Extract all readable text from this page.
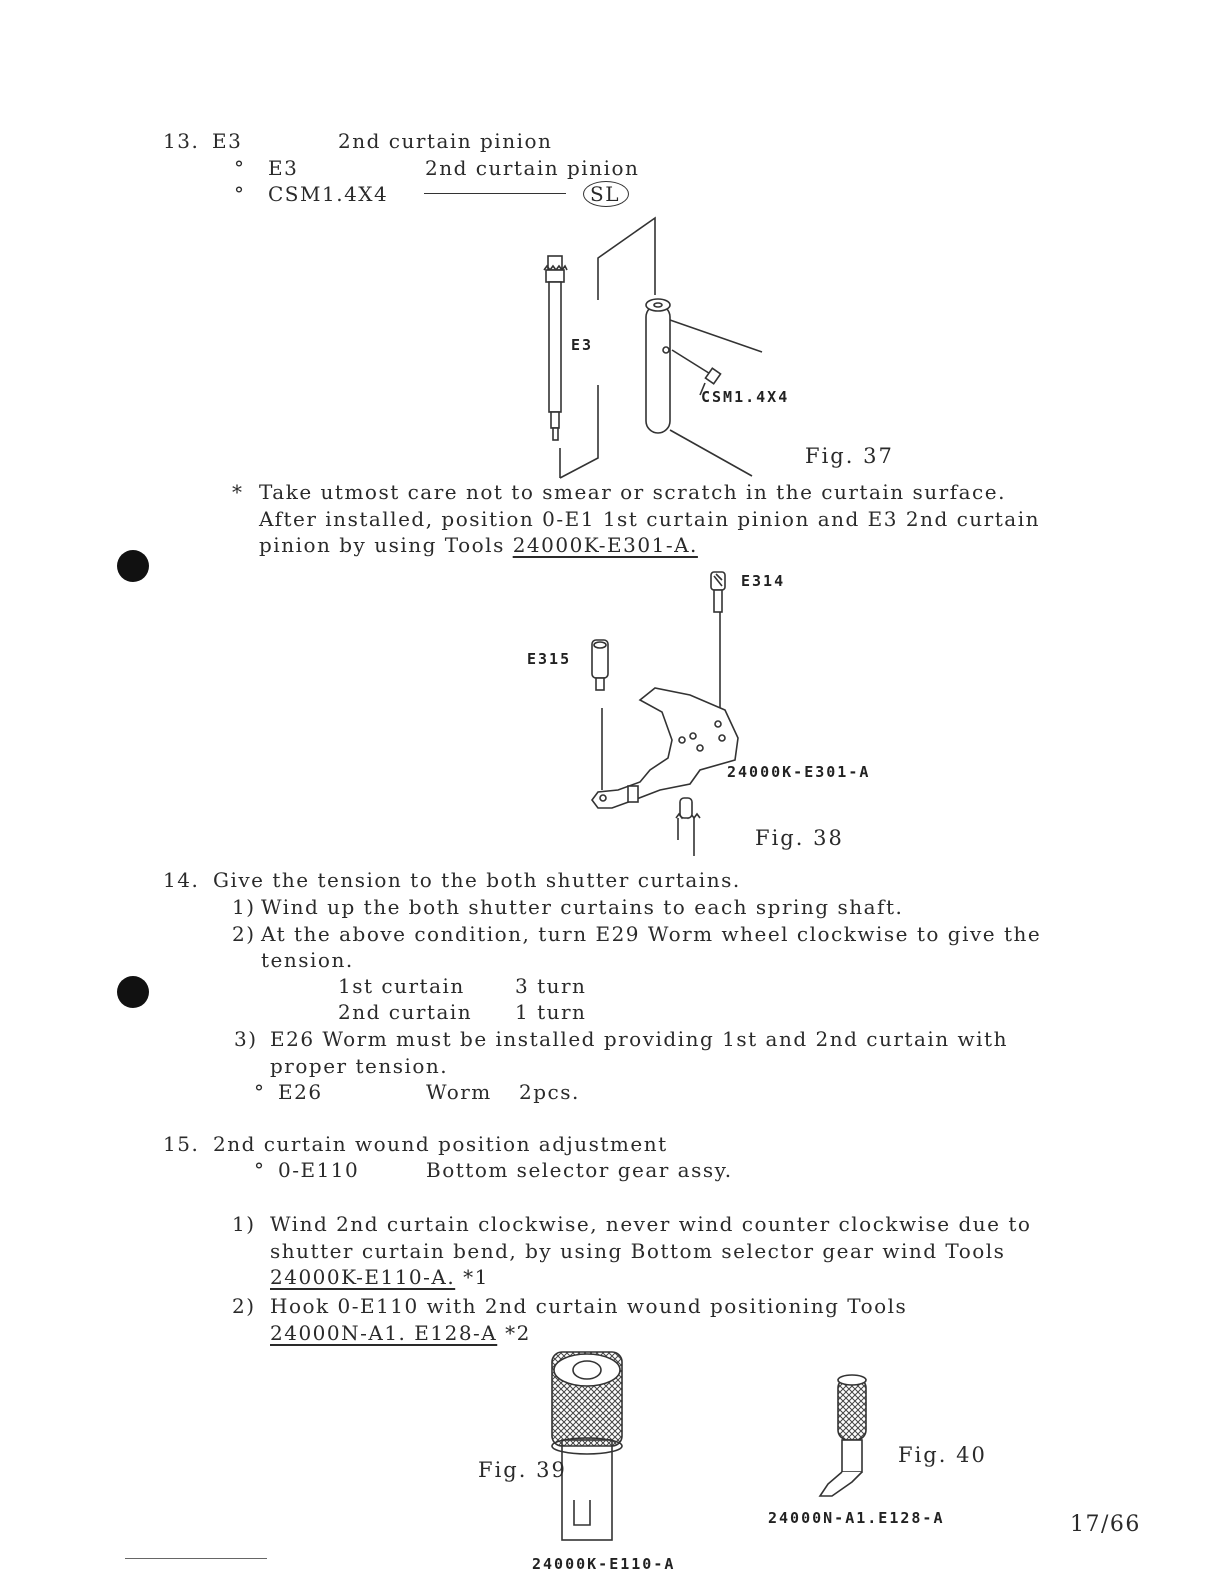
13. E3	2nd curtain pinion
° E3	2nd curtain pinion
° CSM1.4X4	SL
E3
CSM1.4X4
Fig. 37
* Take utmost care not to smear or scratch in the curtain surface.
After installed, position 0-E1 1st curtain pinion and E3 2nd curtain
pinion by using Tools 24000K-E301-A.
E314
E315
24000K-E301-A
Fig. 38
14. Give the tension to the both shutter curtains.
1) Wind up the both shutter curtains to each spring shaft.
2) At the above condition, turn E29 Worm wheel clockwise to give the
tension.
1st curtain	3 turn
2nd curtain 1 turn
3) E26 Worm must be installed providing 1st and 2nd curtain with
proper tension.
° E26	Worm 2pcs.
15. 2nd curtain wound position adjustment
° 0-E110	Bottom selector gear assy.
1) Wind 2nd curtain clockwise, never wind counter clockwise due to
shutter curtain bend, by using Bottom selector gear wind Tools
24000K-E110-A. *1
2) Hook 0-E110 with 2nd curtain wound positioning Tools
24000N-A1. E128-A *2
Fig. 39
24000K-E110-A
Fig. 40
24000N-A1.E128-A	17/66
